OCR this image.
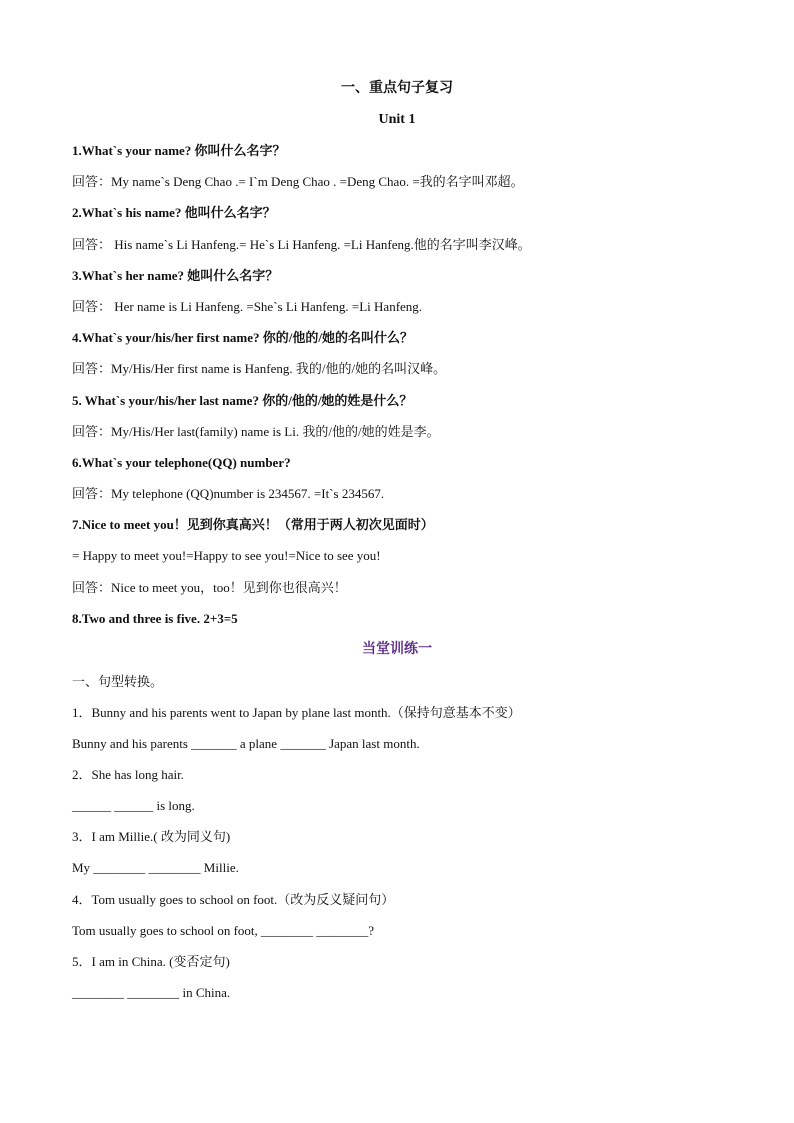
一、重点句子复习
Unit 1
1.What`s your name? 你叫什么名字？
回答：My name`s Deng Chao .= I`m Deng Chao . =Deng Chao. =我的名字叫邓超。
2.What`s his name? 他叫什么名字？
回答： His name`s Li Hanfeng.= He`s Li Hanfeng. =Li Hanfeng.他的名字叫李汉峰。
3.What`s her name? 她叫什么名字？
回答： Her name is Li Hanfeng. =She`s Li Hanfeng. =Li Hanfeng.
4.What`s your/his/her first name? 你的/他的/她的名叫什么？
回答：My/His/Her first name is Hanfeng. 我的/他的/她的名叫汉峰。
5. What`s your/his/her last name? 你的/他的/她的姓是什么？
回答：My/His/Her last(family) name is Li. 我的/他的/她的姓是李。
6.What`s your telephone(QQ) number?
回答：My telephone (QQ)number is 234567. =It`s 234567.
7.Nice to meet you！见到你真高兴！（常用于两人初次见面时）
= Happy to meet you!=Happy to see you!=Nice to see you!
回答：Nice to meet you，too！见到你也很高兴！
8.Two and three is five. 2+3=5
当堂训练一
一、句型转换。
1．Bunny and his parents went to Japan by plane last month.（保持句意基本不变）
Bunny and his parents _______ a plane _______ Japan last month.
2．She has long hair.
______ ______ is long.
3．I am Millie.( 改为同义句)
My ________ ________ Millie.
4．Tom usually goes to school on foot.（改为反义疑问句）
Tom usually goes to school on foot, ________ ________?
5．I am in China. (变否定句)
________ ________ in China.
